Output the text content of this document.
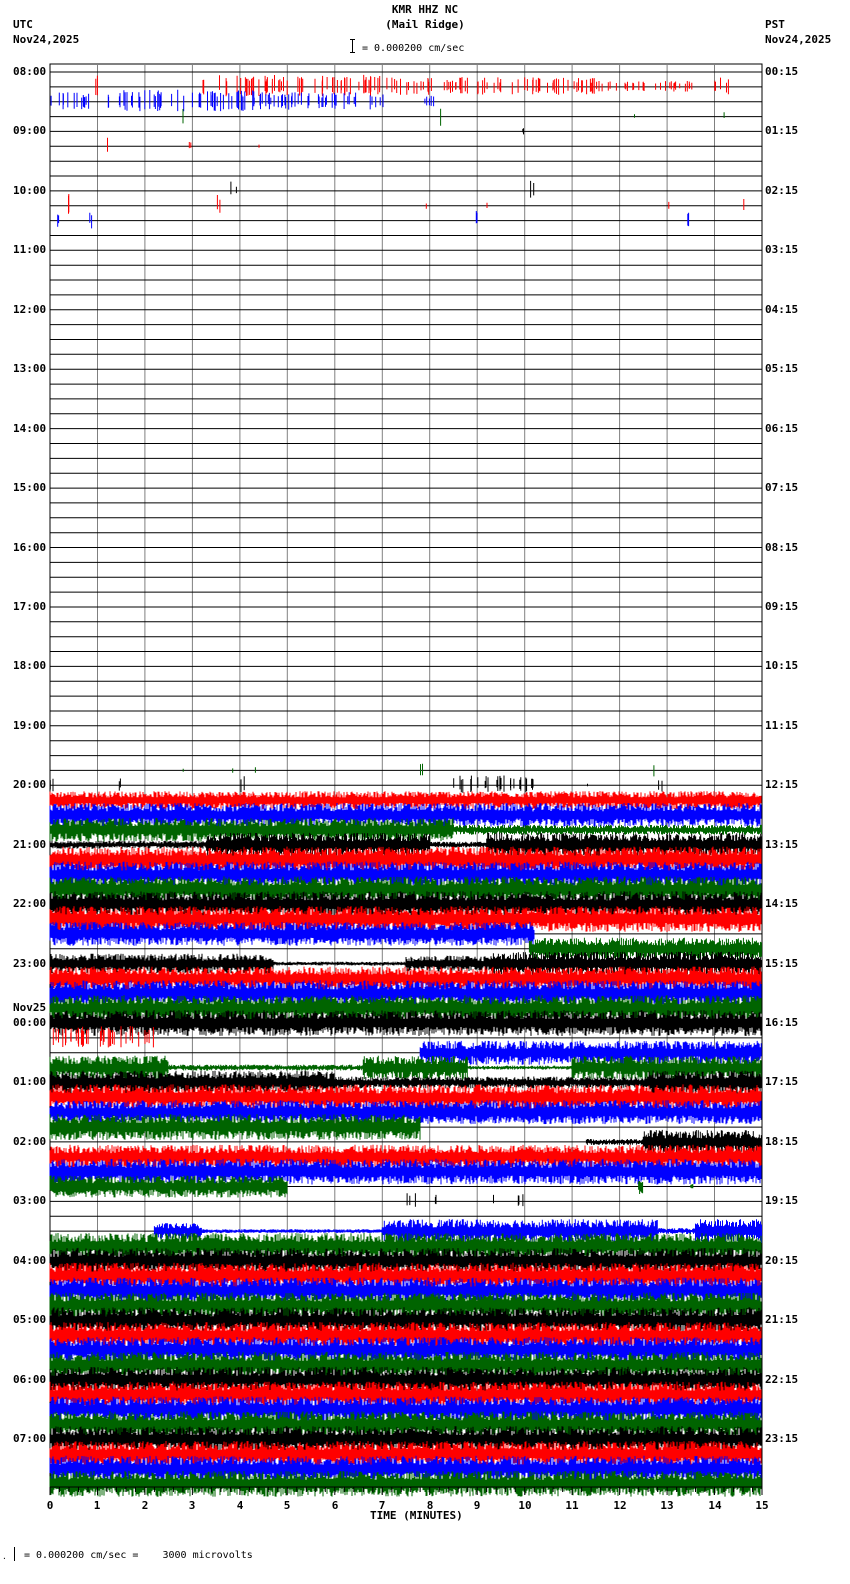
KMR HHZ NC
(Mail Ridge)
UTC
Nov24,2025
PST
Nov24,2025
= 0.000200 cm/sec
08:00
09:00
10:00
11:00
12:00
13:00
14:00
15:00
16:00
17:00
18:00
19:00
20:00
21:00
22:00
23:00
Nov25
00:00
01:00
02:00
03:00
04:00
05:00
06:00
07:00
00:15
01:15
02:15
03:15
04:15
05:15
06:15
07:15
08:15
09:15
10:15
11:15
12:15
13:15
14:15
15:15
16:15
17:15
18:15
19:15
20:15
21:15
22:15
23:15
0	1	2	3	4	5	6	7	8	9	10	11	12	13	14	15
TIME (MINUTES)
. = 0.000200 cm/sec =    3000 microvolts
